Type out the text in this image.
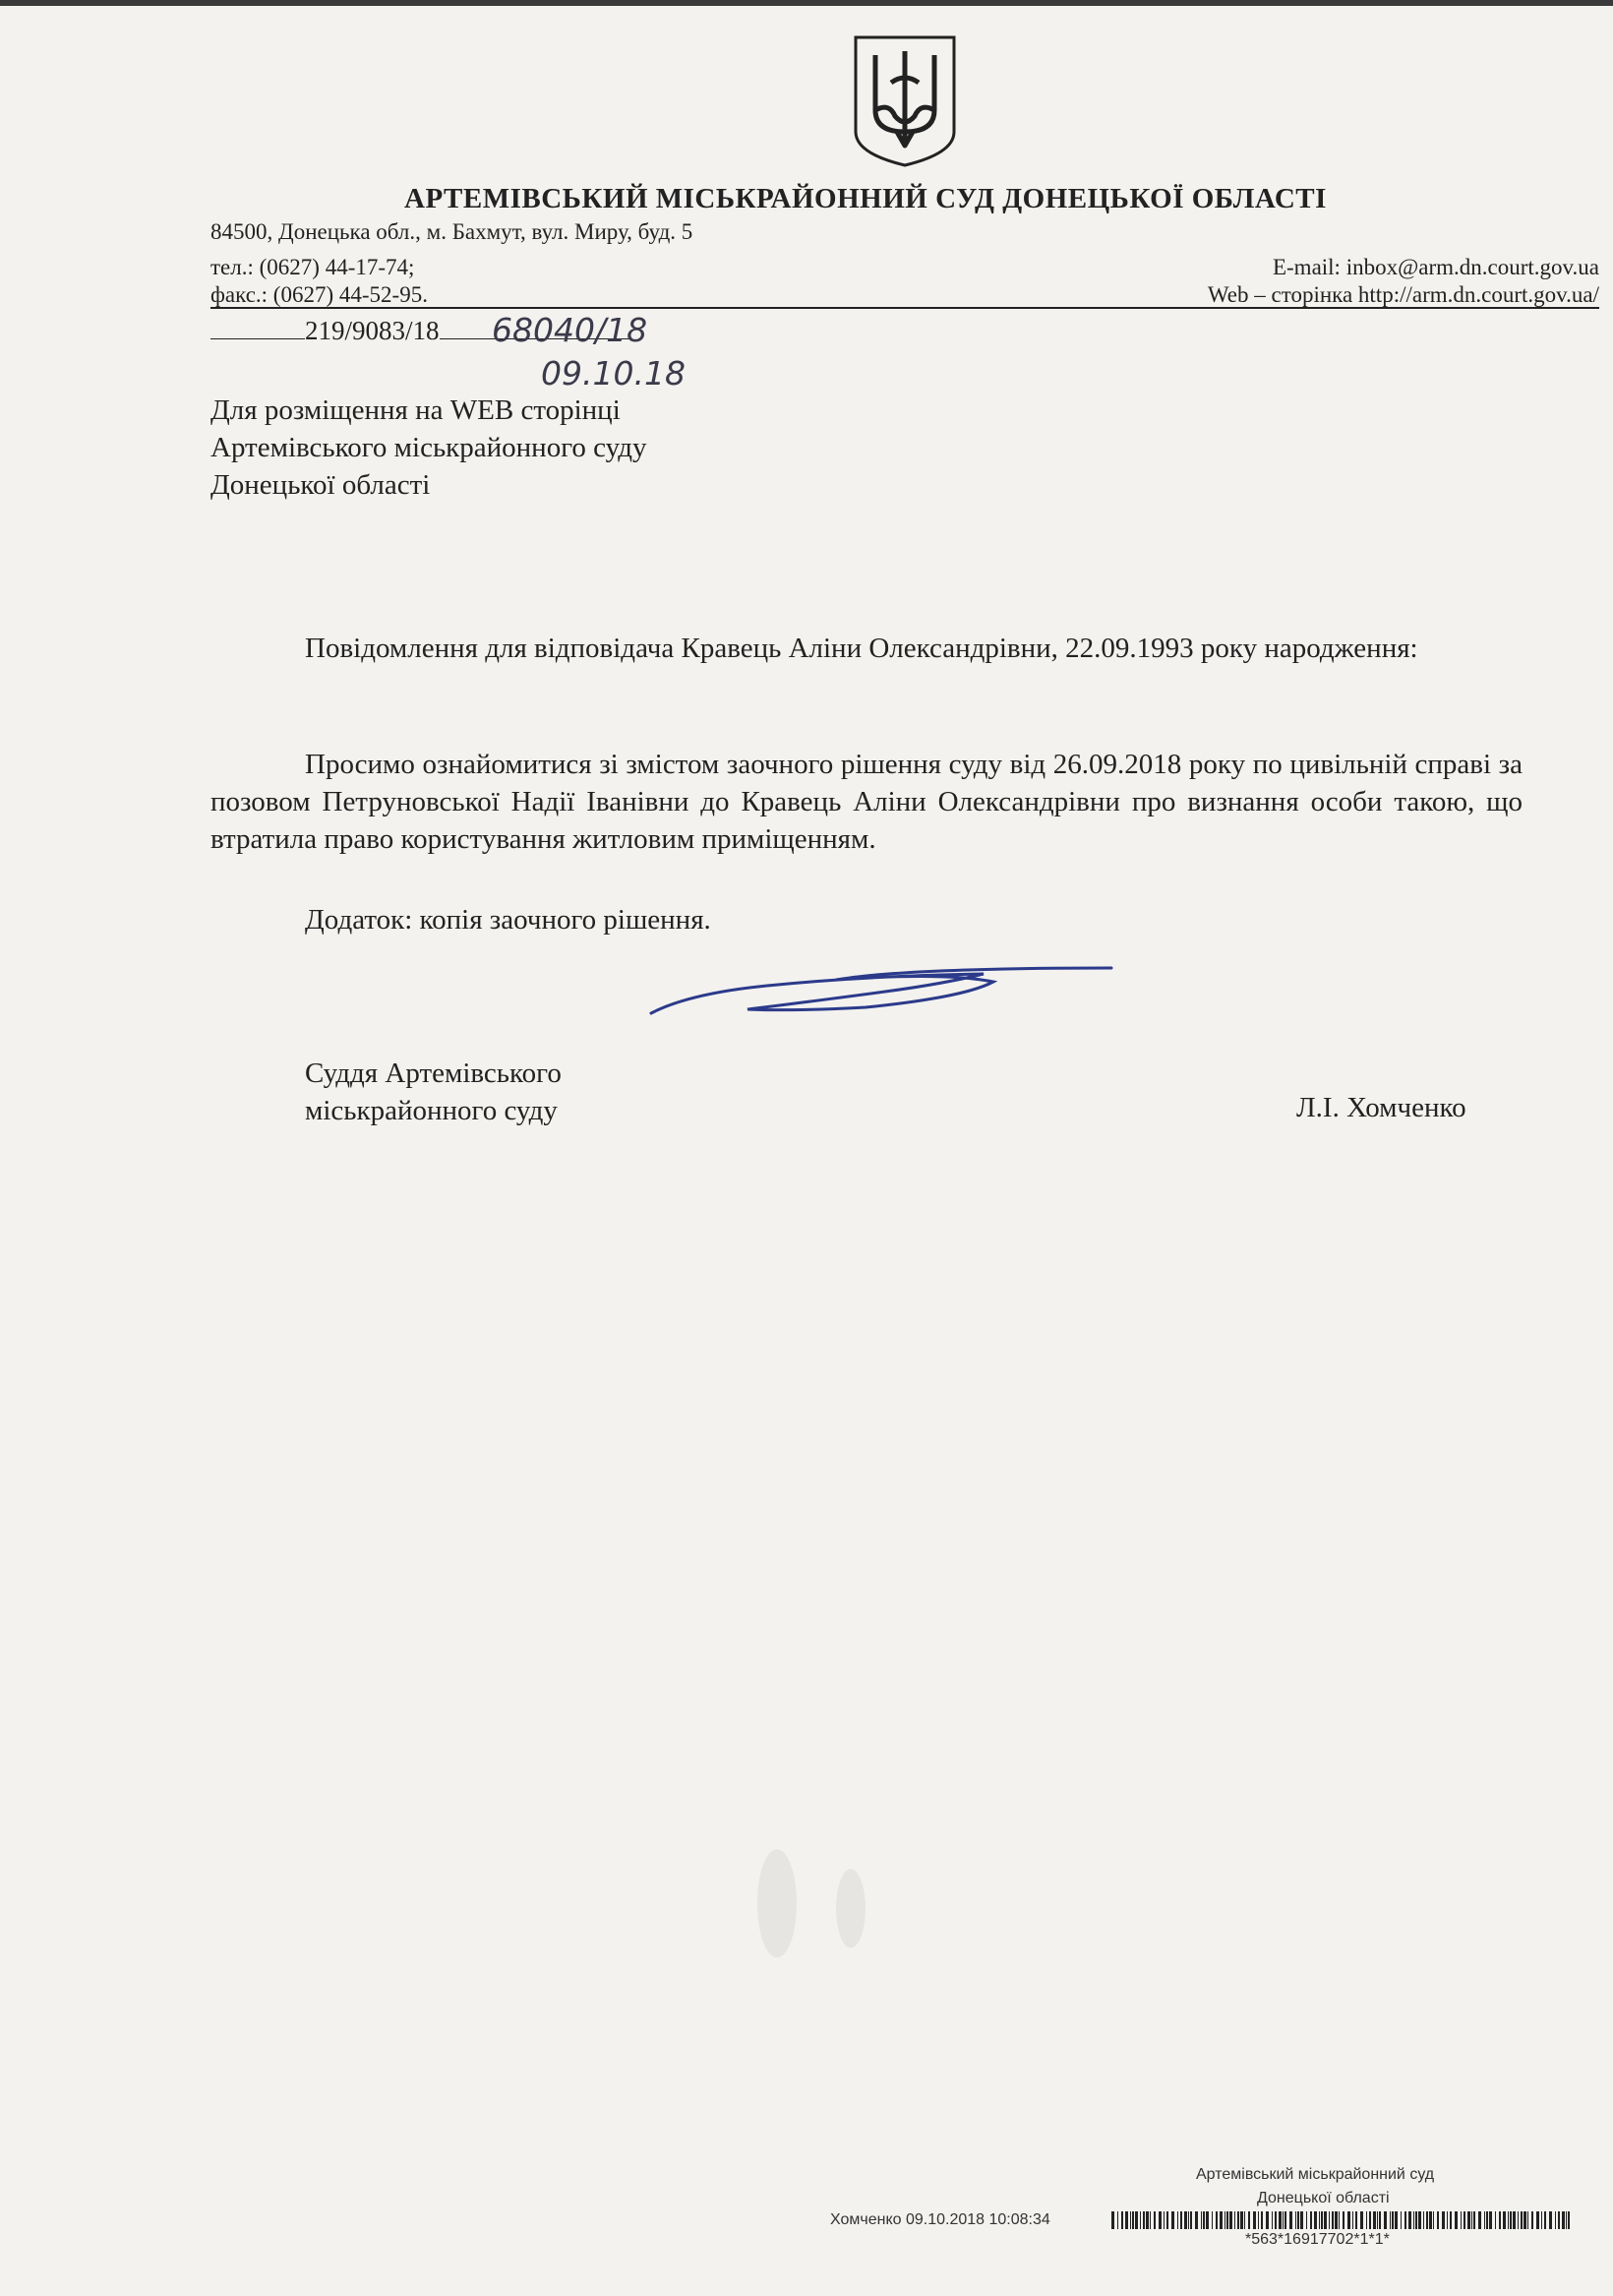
АРТЕМІВСЬКИЙ МІСЬКРАЙОННИЙ СУД ДОНЕЦЬКОЇ ОБЛАСТІ
84500, Донецька обл., м. Бахмут, вул. Миру, буд. 5
тел.: (0627) 44-17-74;
факс.: (0627) 44-52-95.
E-mail: inbox@arm.dn.court.gov.ua
Web – сторінка http://arm.dn.court.gov.ua/
219/9083/18	68040/18
09.10.18
Для розміщення на WEB сторінці
Артемівського міськрайонного суду
Донецької області
Повідомлення для відповідача Кравець Аліни Олександрівни, 22.09.1993 року народження:
Просимо ознайомитися зі змістом заочного рішення суду від 26.09.2018 року по цивільній справі за позовом Петруновської Надії Іванівни до Кравець Аліни Олександрівни про визнання особи такою, що втратила право користування житловим приміщенням.
Додаток: копія заочного рішення.
Суддя Артемівського
міськрайонного суду	Л.І. Хомченко
Артемівський міськрайонний суд
Донецької області
Хомченко 09.10.2018 10:08:34
*563*16917702*1*1*
